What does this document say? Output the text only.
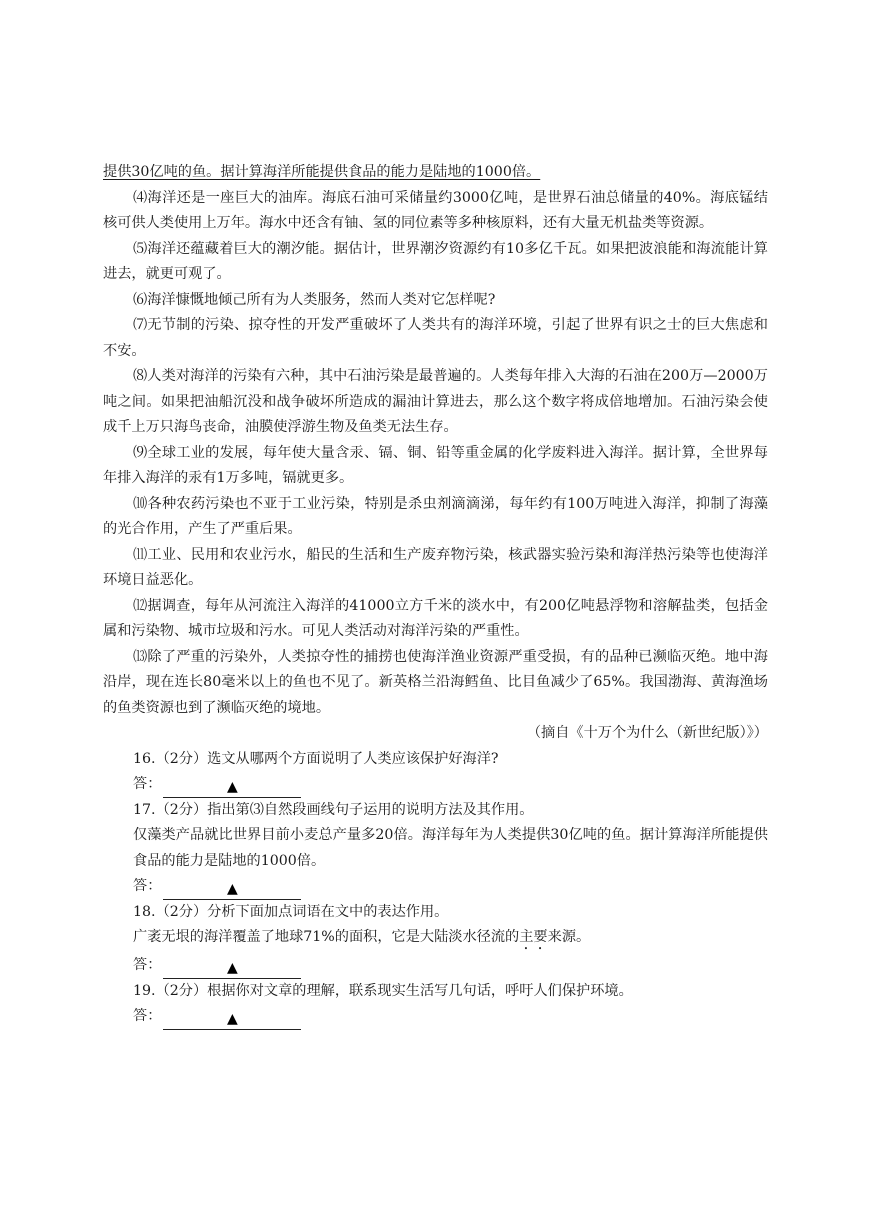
提供30亿吨的鱼。据计算海洋所能提供食品的能力是陆地的1000倍。

⑷海洋还是一座巨大的油库。海底石油可采储量约3000亿吨，是世界石油总储量的40%。海底锰结核可供人类使用上万年。海水中还含有铀、氢的同位素等多种核原料，还有大量无机盐类等资源。

⑸海洋还蕴藏着巨大的潮汐能。据估计，世界潮汐资源约有10多亿千瓦。如果把波浪能和海流能计算进去，就更可观了。

⑹海洋慷慨地倾己所有为人类服务，然而人类对它怎样呢?

⑺无节制的污染、掠夺性的开发严重破坏了人类共有的海洋环境，引起了世界有识之士的巨大焦虑和不安。

⑻人类对海洋的污染有六种，其中石油污染是最普遍的。人类每年排入大海的石油在200万—2000万吨之间。如果把油船沉没和战争破坏所造成的漏油计算进去，那么这个数字将成倍地增加。石油污染会使成千上万只海鸟丧命，油膜使浮游生物及鱼类无法生存。

⑼全球工业的发展，每年使大量含汞、镉、铜、铅等重金属的化学废料进入海洋。据计算，全世界每年排入海洋的汞有1万多吨，镉就更多。

⑽各种农药污染也不亚于工业污染，特别是杀虫剂滴滴涕，每年约有100万吨进入海洋，抑制了海藻的光合作用，产生了严重后果。

⑾工业、民用和农业污水，船民的生活和生产废弃物污染，核武器实验污染和海洋热污染等也使海洋环境日益恶化。

⑿据调查，每年从河流注入海洋的41000立方千米的淡水中，有200亿吨悬浮物和溶解盐类，包括金属和污染物、城市垃圾和污水。可见人类活动对海洋污染的严重性。

⒀除了严重的污染外，人类掠夺性的捕捞也使海洋渔业资源严重受损，有的品种已濒临灭绝。地中海沿岸，现在连长80毫米以上的鱼也不见了。新英格兰沿海鳕鱼、比目鱼减少了65%。我国渤海、黄海渔场的鱼类资源也到了濒临灭绝的境地。

（摘自《十万个为什么（新世纪版）》）

16.（2分）选文从哪两个方面说明了人类应该保护好海洋?

答：	▲

17.（2分）指出第⑶自然段画线句子运用的说明方法及其作用。

仅藻类产品就比世界目前小麦总产量多20倍。海洋每年为人类提供30亿吨的鱼。据计算海洋所能提供食品的能力是陆地的1000倍。

答：	▲

18.（2分）分析下面加点词语在文中的表达作用。

广袤无垠的海洋覆盖了地球71%的面积，它是大陆淡水径流的主要来源。

答：	▲

19.（2分）根据你对文章的理解，联系现实生活写几句话，呼吁人们保护环境。

答：	▲
